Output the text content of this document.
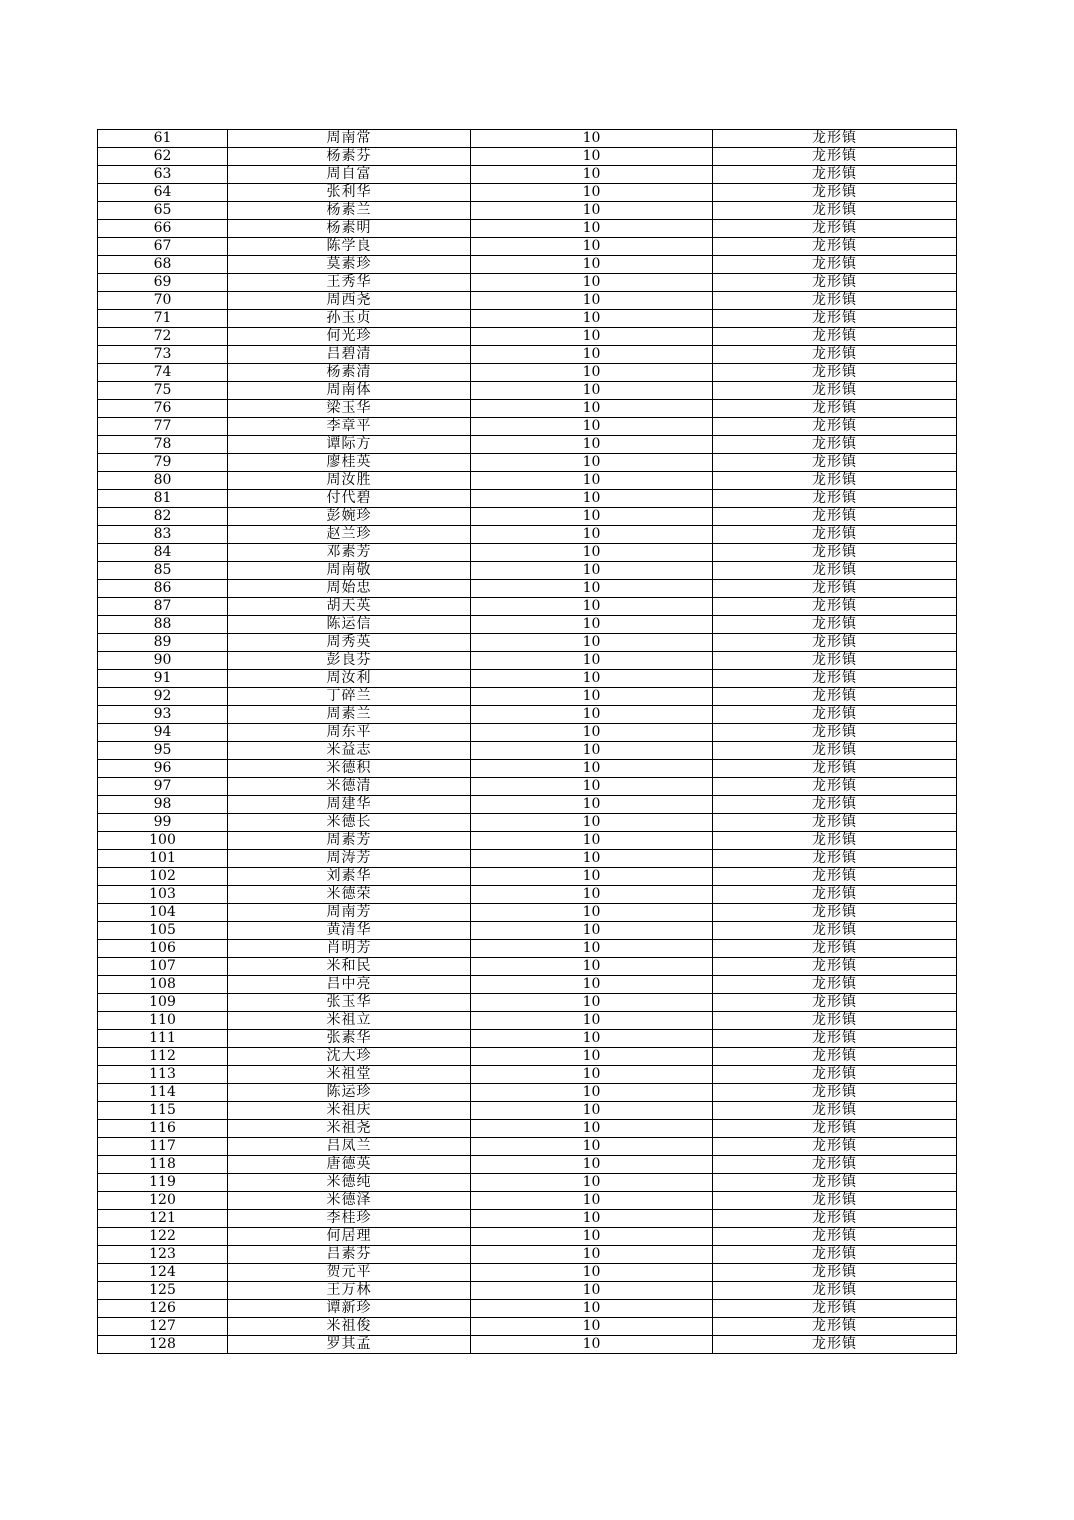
61	周南常	10	龙形镇
62	杨素芬	10	龙形镇
63	周自富	10	龙形镇
64	张利华	10	龙形镇
65	杨素兰	10	龙形镇
66	杨素明	10	龙形镇
67	陈学良	10	龙形镇
68	莫素珍	10	龙形镇
69	王秀华	10	龙形镇
70	周西尧	10	龙形镇
71	孙玉贞	10	龙形镇
72	何光珍	10	龙形镇
73	吕碧清	10	龙形镇
74	杨素清	10	龙形镇
75	周南体	10	龙形镇
76	梁玉华	10	龙形镇
77	李章平	10	龙形镇
78	谭际方	10	龙形镇
79	廖桂英	10	龙形镇
80	周汝胜	10	龙形镇
81	付代碧	10	龙形镇
82	彭婉珍	10	龙形镇
83	赵兰珍	10	龙形镇
84	邓素芳	10	龙形镇
85	周南敬	10	龙形镇
86	周始忠	10	龙形镇
87	胡天英	10	龙形镇
88	陈运信	10	龙形镇
89	周秀英	10	龙形镇
90	彭良芬	10	龙形镇
91	周汝利	10	龙形镇
92	丁碎兰	10	龙形镇
93	周素兰	10	龙形镇
94	周东平	10	龙形镇
95	米益志	10	龙形镇
96	米德积	10	龙形镇
97	米德清	10	龙形镇
98	周建华	10	龙形镇
99	米德长	10	龙形镇
100	周素芳	10	龙形镇
101	周涛芳	10	龙形镇
102	刘素华	10	龙形镇
103	米德荣	10	龙形镇
104	周南芳	10	龙形镇
105	黄清华	10	龙形镇
106	肖明芳	10	龙形镇
107	米和民	10	龙形镇
108	吕中亮	10	龙形镇
109	张玉华	10	龙形镇
110	米祖立	10	龙形镇
111	张素华	10	龙形镇
112	沈大珍	10	龙形镇
113	米祖堂	10	龙形镇
114	陈运珍	10	龙形镇
115	米祖庆	10	龙形镇
116	米祖尧	10	龙形镇
117	吕凤兰	10	龙形镇
118	唐德英	10	龙形镇
119	米德纯	10	龙形镇
120	米德泽	10	龙形镇
121	李桂珍	10	龙形镇
122	何居理	10	龙形镇
123	吕素芬	10	龙形镇
124	贺元平	10	龙形镇
125	王万林	10	龙形镇
126	谭新珍	10	龙形镇
127	米祖俊	10	龙形镇
128	罗其孟	10	龙形镇
